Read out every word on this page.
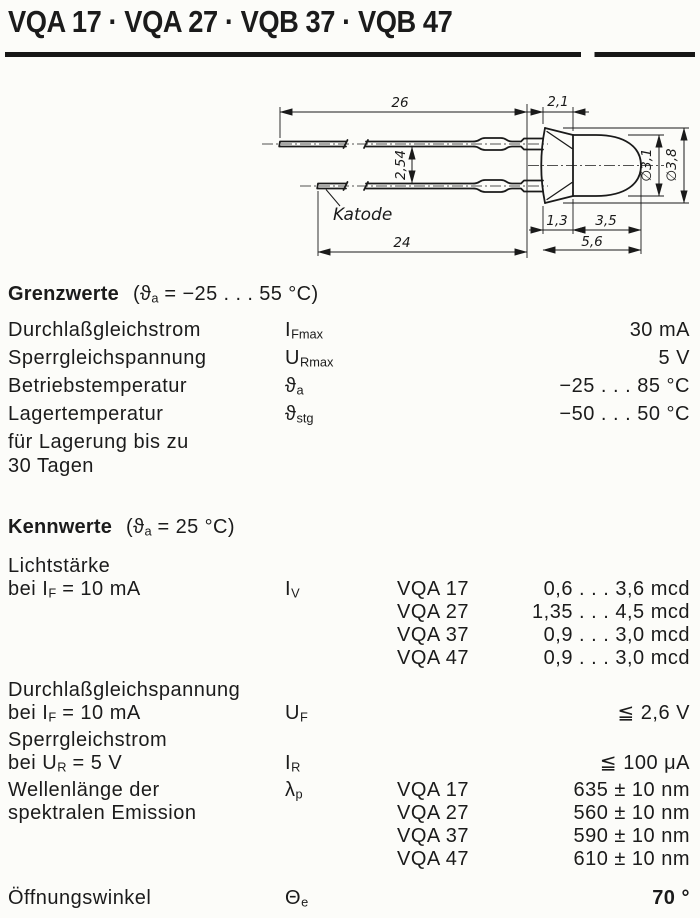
VQA 17 · VQA 27 · VQB 37 · VQB 47
26	2,1
2,54
24
1,3 3,5
5,6
∅3,1 ∅3,8
Katode
Grenzwerte (ϑa = −25 . . . 55 °C)
Durchlaßgleichstrom	IFmax	30 mA
Sperrgleichspannung	URmax	5 V
Betriebstemperatur	ϑa	−25 . . . 85 °C
Lagertemperatur	ϑstg	−50 . . . 50 °C
für Lagerung bis zu
30 Tagen
Kennwerte (ϑa = 25 °C)
Lichtstärke
bei IF = 10 mA	IV	VQA 17	0,6 . . . 3,6 mcd
VQA 27	1,35 . . . 4,5 mcd
VQA 37	0,9 . . . 3,0 mcd
VQA 47	0,9 . . . 3,0 mcd
Durchlaßgleichspannung
bei IF = 10 mA	UF	≦ 2,6 V
Sperrgleichstrom
bei UR = 5 V	IR	≦ 100 μA
Wellenlänge der	λp	VQA 17	635 ± 10 nm
spektralen Emission	VQA 27	560 ± 10 nm
VQA 37	590 ± 10 nm
VQA 47	610 ± 10 nm
Öffnungswinkel	Θe	70 °
